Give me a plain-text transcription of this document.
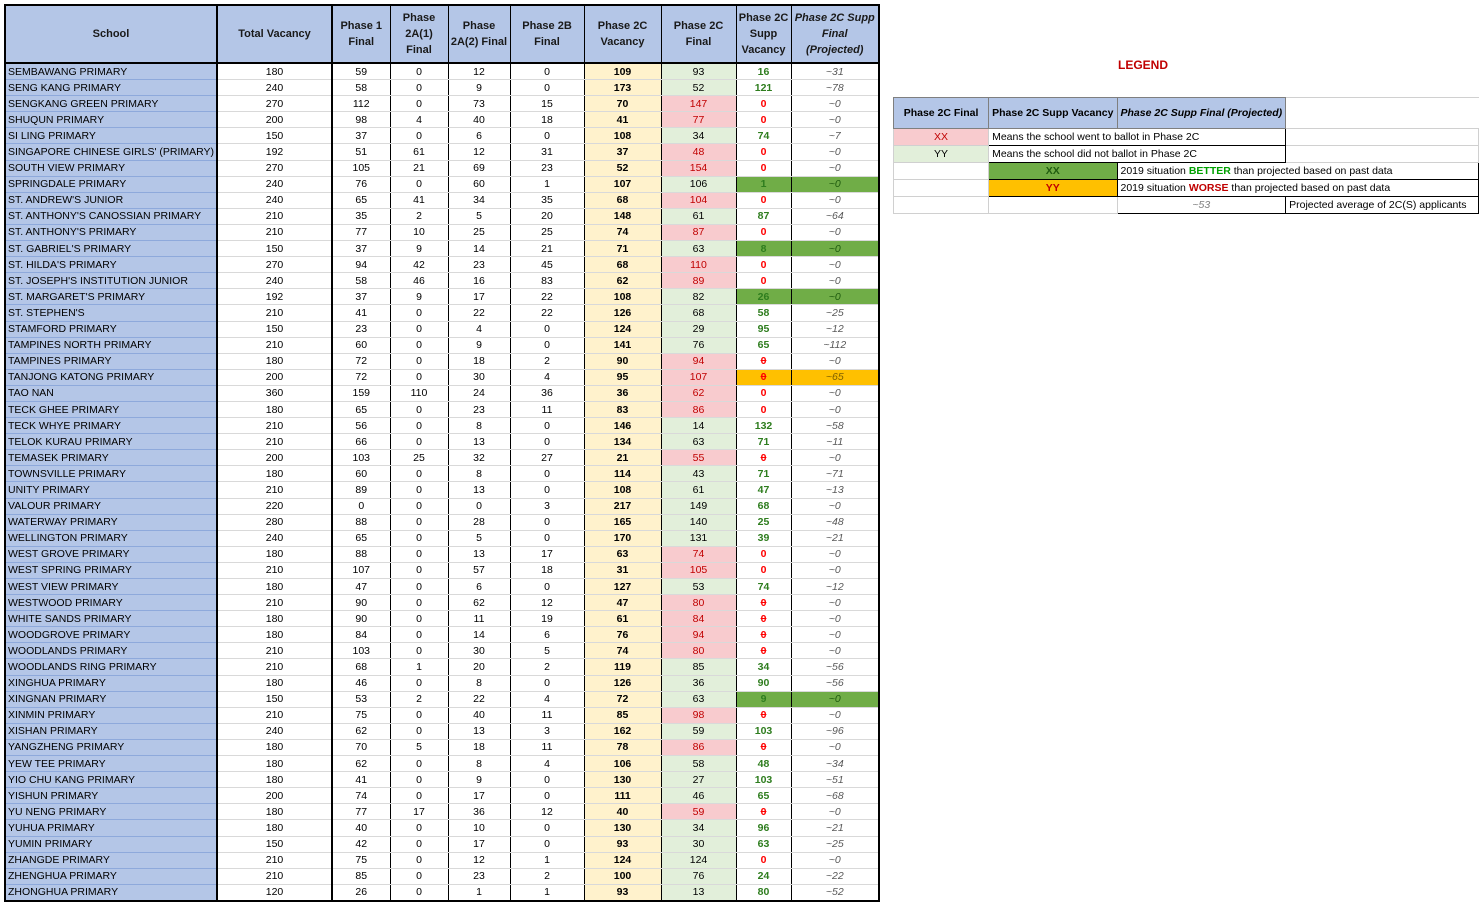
School	Total Vacancy	Phase 1 Final	Phase 2A(1) Final	Phase 2A(2) Final	Phase 2B Final	Phase 2C Vacancy	Phase 2C Final	Phase 2C Supp Vacancy	Phase 2C Supp Final (Projected)
SEMBAWANG PRIMARY	180	59	0	12	0	109	93	16	~31
SENG KANG PRIMARY	240	58	0	9	0	173	52	121	~78
SENGKANG GREEN PRIMARY	270	112	0	73	15	70	147	0	~0
SHUQUN PRIMARY	200	98	4	40	18	41	77	0	~0
SI LING PRIMARY	150	37	0	6	0	108	34	74	~7
SINGAPORE CHINESE GIRLS' (PRIMARY)	192	51	61	12	31	37	48	0	~0
SOUTH VIEW PRIMARY	270	105	21	69	23	52	154	0	~0
SPRINGDALE PRIMARY	240	76	0	60	1	107	106	1	~0
ST. ANDREW'S JUNIOR	240	65	41	34	35	68	104	0	~0
ST. ANTHONY'S CANOSSIAN PRIMARY	210	35	2	5	20	148	61	87	~64
ST. ANTHONY'S PRIMARY	210	77	10	25	25	74	87	0	~0
ST. GABRIEL'S PRIMARY	150	37	9	14	21	71	63	8	~0
ST. HILDA'S PRIMARY	270	94	42	23	45	68	110	0	~0
ST. JOSEPH'S INSTITUTION JUNIOR	240	58	46	16	83	62	89	0	~0
ST. MARGARET'S PRIMARY	192	37	9	17	22	108	82	26	~0
ST. STEPHEN'S	210	41	0	22	22	126	68	58	~25
STAMFORD PRIMARY	150	23	0	4	0	124	29	95	~12
TAMPINES NORTH PRIMARY	210	60	0	9	0	141	76	65	~112
TAMPINES PRIMARY	180	72	0	18	2	90	94	0	~0
TANJONG KATONG PRIMARY	200	72	0	30	4	95	107	0	~65
TAO NAN	360	159	110	24	36	36	62	0	~0
TECK GHEE PRIMARY	180	65	0	23	11	83	86	0	~0
TECK WHYE PRIMARY	210	56	0	8	0	146	14	132	~58
TELOK KURAU PRIMARY	210	66	0	13	0	134	63	71	~11
TEMASEK PRIMARY	200	103	25	32	27	21	55	0	~0
TOWNSVILLE PRIMARY	180	60	0	8	0	114	43	71	~71
UNITY PRIMARY	210	89	0	13	0	108	61	47	~13
VALOUR PRIMARY	220	0	0	0	3	217	149	68	~0
WATERWAY PRIMARY	280	88	0	28	0	165	140	25	~48
WELLINGTON PRIMARY	240	65	0	5	0	170	131	39	~21
WEST GROVE PRIMARY	180	88	0	13	17	63	74	0	~0
WEST SPRING PRIMARY	210	107	0	57	18	31	105	0	~0
WEST VIEW PRIMARY	180	47	0	6	0	127	53	74	~12
WESTWOOD PRIMARY	210	90	0	62	12	47	80	0	~0
WHITE SANDS PRIMARY	180	90	0	11	19	61	84	0	~0
WOODGROVE PRIMARY	180	84	0	14	6	76	94	0	~0
WOODLANDS PRIMARY	210	103	0	30	5	74	80	0	~0
WOODLANDS RING PRIMARY	210	68	1	20	2	119	85	34	~56
XINGHUA PRIMARY	180	46	0	8	0	126	36	90	~56
XINGNAN PRIMARY	150	53	2	22	4	72	63	9	~0
XINMIN PRIMARY	210	75	0	40	11	85	98	0	~0
XISHAN PRIMARY	240	62	0	13	3	162	59	103	~96
YANGZHENG PRIMARY	180	70	5	18	11	78	86	0	~0
YEW TEE PRIMARY	180	62	0	8	4	106	58	48	~34
YIO CHU KANG PRIMARY	180	41	0	9	0	130	27	103	~51
YISHUN PRIMARY	200	74	0	17	0	111	46	65	~68
YU NENG PRIMARY	180	77	17	36	12	40	59	0	~0
YUHUA PRIMARY	180	40	0	10	0	130	34	96	~21
YUMIN PRIMARY	150	42	0	17	0	93	30	63	~25
ZHANGDE PRIMARY	210	75	0	12	1	124	124	0	~0
ZHENGHUA PRIMARY	210	85	0	23	2	100	76	24	~22
ZHONGHUA PRIMARY	120	26	0	1	1	93	13	80	~52
LEGEND
Phase 2C Final	Phase 2C Supp Vacancy	Phase 2C Supp Final (Projected)	
XX	Means the school went to ballot in Phase 2C		
YY	Means the school did not ballot in Phase 2C		
	XX	2019 situation BETTER than projected based on past data	
	YY	2019 situation WORSE than projected based on past data	
		~53	Projected average of 2C(S) applicants
